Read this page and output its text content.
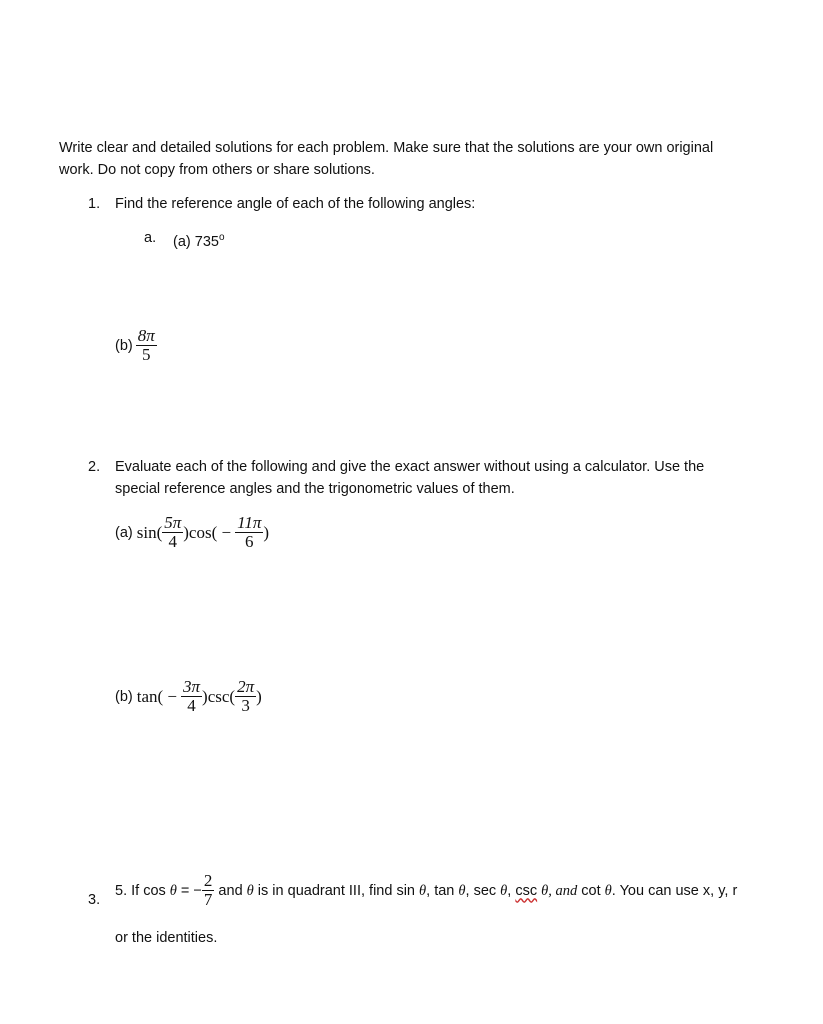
Write clear and detailed solutions for each problem. Make sure that the solutions are your own original
work. Do not copy from others or share solutions.
1. Find the reference angle of each of the following angles:
a. (a) 735$^o$
$(b) \frac{8\pi}{5}$
2. Evaluate each of the following and give the exact answer without using a calculator. Use the
special reference angles and the trigonometric values of them.
(a) $\sin( \frac{5\pi}{4} )\cos( - \frac{11\pi}{6}$ )
(b) $\tan( - \frac{3\pi}{4} )\csc( \frac{2\pi}{3}$ )
3.
5. If cos θ = − $\frac{2}{7}$ and θ is in quadrant III, find sin θ , tan θ , sec θ , csc
θ , and cot θ . You can use x, y, r
or the identities.
